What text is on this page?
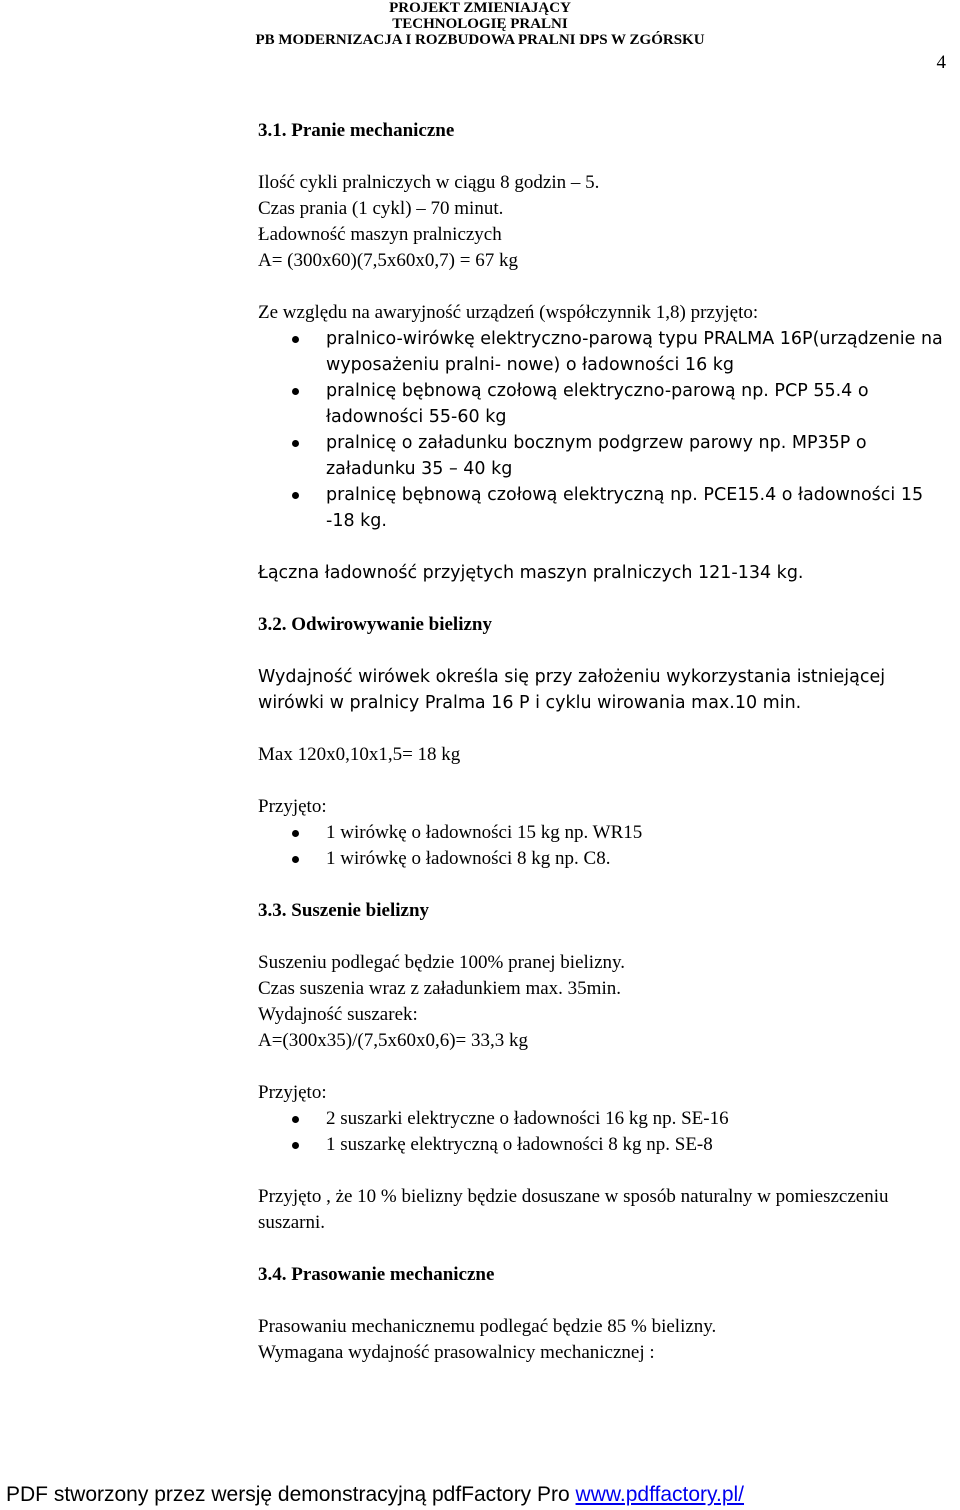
PROJEKT ZMIENIAJĄCY
TECHNOLOGIĘ PRALNI
PB MODERNIZACJA I ROZBUDOWA PRALNI DPS W ZGÓRSKU
4

3.1. Pranie mechaniczne

Ilość cykli pralniczych w ciągu 8 godzin – 5.

Czas prania (1 cykl) – 70 minut.

Ładowność maszyn pralniczych

A= (300x60)(7,5x60x0,7) = 67 kg

Ze względu na awaryjność urządzeń (współczynnik 1,8) przyjęto:

pralnico-wirówkę elektryczno-parową typu PRALMA 16P(urządzenie na wyposażeniu pralni- nowe) o ładowności 16 kg
pralnicę bębnową czołową elektryczno-parową np. PCP 55.4 o ładowności 55-60 kg
pralnicę o załadunku bocznym podgrzew parowy np. MP35P o załadunku 35 – 40 kg
pralnicę bębnową czołową elektryczną np. PCE15.4 o ładowności 15 -18 kg.

Łączna ładowność przyjętych maszyn pralniczych 121-134 kg.

3.2. Odwirowywanie bielizny

Wydajność wirówek określa się przy założeniu wykorzystania istniejącej wirówki w pralnicy Pralma 16 P i cyklu wirowania max.10 min.

Max 120x0,10x1,5= 18 kg

Przyjęto:

1 wirówkę o ładowności 15 kg np. WR15
1 wirówkę o ładowności 8 kg np. C8.

3.3. Suszenie bielizny

Suszeniu podlegać będzie 100% pranej bielizny.

Czas suszenia wraz z załadunkiem max. 35min.

Wydajność suszarek:

A=(300x35)/(7,5x60x0,6)= 33,3 kg

Przyjęto:

2 suszarki elektryczne o ładowności 16 kg np. SE-16
1 suszarkę elektryczną o ładowności 8 kg np. SE-8

Przyjęto , że 10 % bielizny będzie dosuszane w sposób naturalny w pomieszczeniu suszarni.

3.4. Prasowanie mechaniczne

Prasowaniu mechanicznemu podlegać będzie 85 % bielizny.

Wymagana wydajność prasowalnicy mechanicznej :

PDF stworzony przez wersję demonstracyjną pdfFactory Pro www.pdffactory.pl/
